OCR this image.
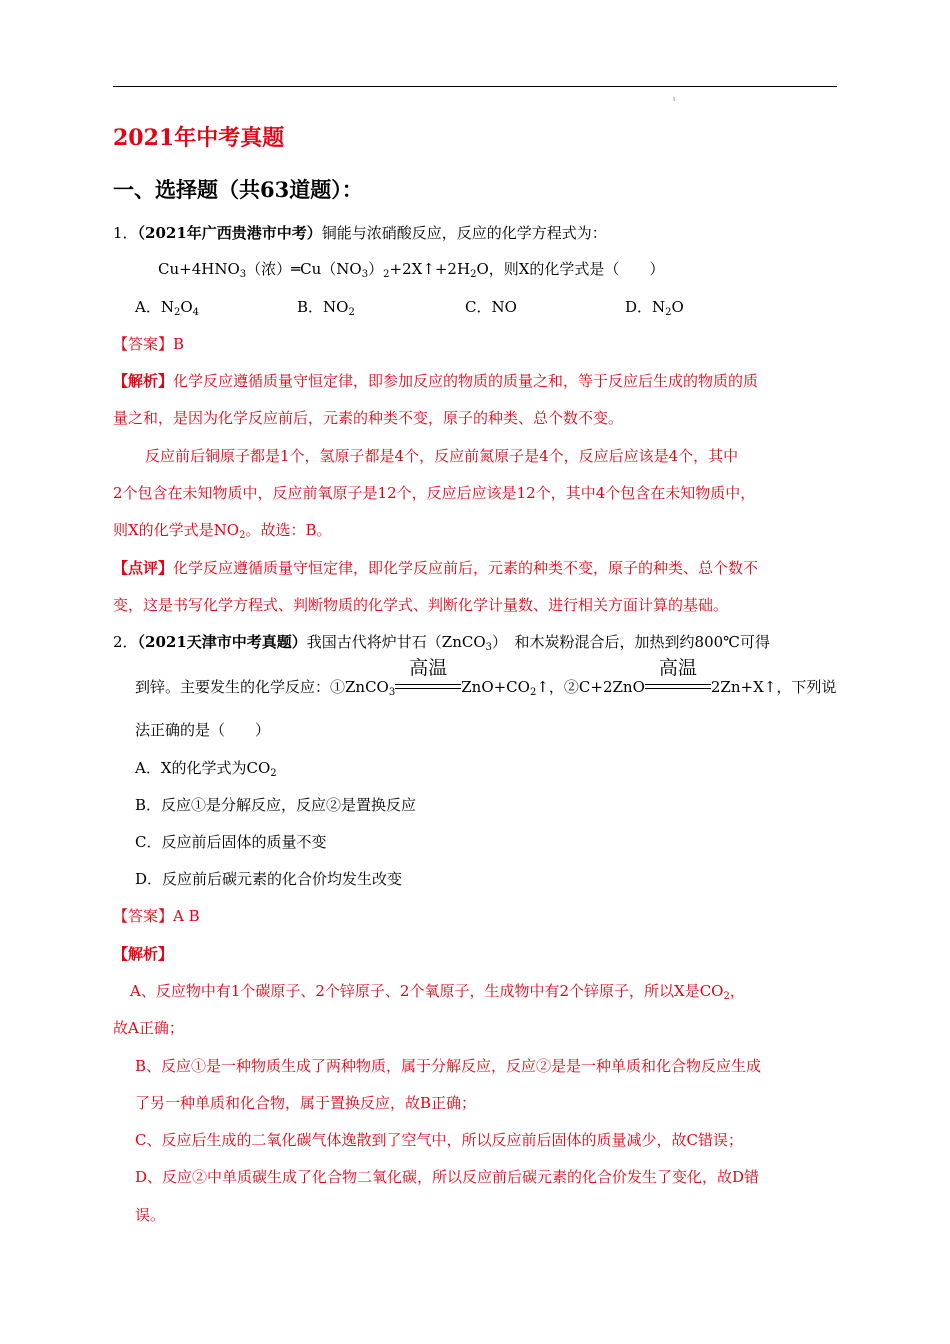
ι
2021年中考真题
一、选择题（共63道题）：
1．（2021年广西贵港市中考）铜能与浓硝酸反应，反应的化学方程式为：
$Cu+4HNO_3$（浓）$═Cu(NO_3)_2+2X↑+2H_2O$，则X的化学式是（　　）
A．$N_2O_4$	B．$NO_2$	C．NO	D．$N_2O$
【答案】B
【解析】化学反应遵循质量守恒定律，即参加反应的物质的质量之和，等于反应后生成的物质的质
量之和，是因为化学反应前后，元素的种类不变，原子的种类、总个数不变。
反应前后铜原子都是1个，氢原子都是4个，反应前氮原子是4个，反应后应该是4个，其中
2个包含在未知物质中，反应前氧原子是12个，反应后应该是12个，其中4个包含在未知物质中，
则X的化学式是$NO_2$。故选：B。
【点评】化学反应遵循质量守恒定律，即化学反应前后，元素的种类不变，原子的种类、总个数不
变，这是书写化学方程式、判断物质的化学式、判断化学计量数、进行相关方面计算的基础。
2．（2021天津市中考真题）我国古代将炉甘石（ZnCO$_3$）　和木炭粉混合后，加热到约800℃可得
到锌。主要发生的化学反应：①ZnCO$_3$
高温
$ZnO+CO_2↑$，②C+2ZnO
高温
2Zn+X↑，下列说
法正确的是（　　）
A．X的化学式为$CO_2$
B．反应①是分解反应，反应②是置换反应
C．反应前后固体的质量不变
D．反应前后碳元素的化合价均发生改变
【答案】A B
【解析】
A、反应物中有1个碳原子、2个锌原子、2个氧原子，生成物中有2个锌原子，所以X是$CO_2$，
故A正确；
B、反应①是一种物质生成了两种物质，属于分解反应，反应②是是一种单质和化合物反应生成
了另一种单质和化合物，属于置换反应，故B正确；
C、反应后生成的二氧化碳气体逸散到了空气中，所以反应前后固体的质量减少，故C错误；
D、反应②中单质碳生成了化合物二氧化碳，所以反应前后碳元素的化合价发生了变化，故D错
误。
